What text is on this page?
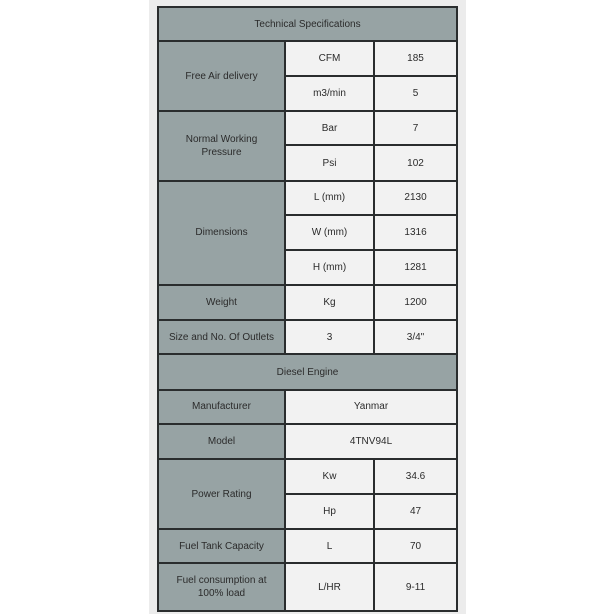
Technical Specifications		
Free Air delivery	CFM	185
	m3/min	5
Normal Working Pressure	Bar	7
	Psi	102
Dimensions	L (mm)	2130
	W (mm)	1316
	H (mm)	1281
Weight	Kg	1200
Size and No. Of Outlets	3	3/4"
Diesel Engine		
Manufacturer	Yanmar	
Model	4TNV94L	
Power Rating	Kw	34.6
	Hp	47
Fuel Tank Capacity	L	70
Fuel consumption at 100% load	L/HR	9-11
